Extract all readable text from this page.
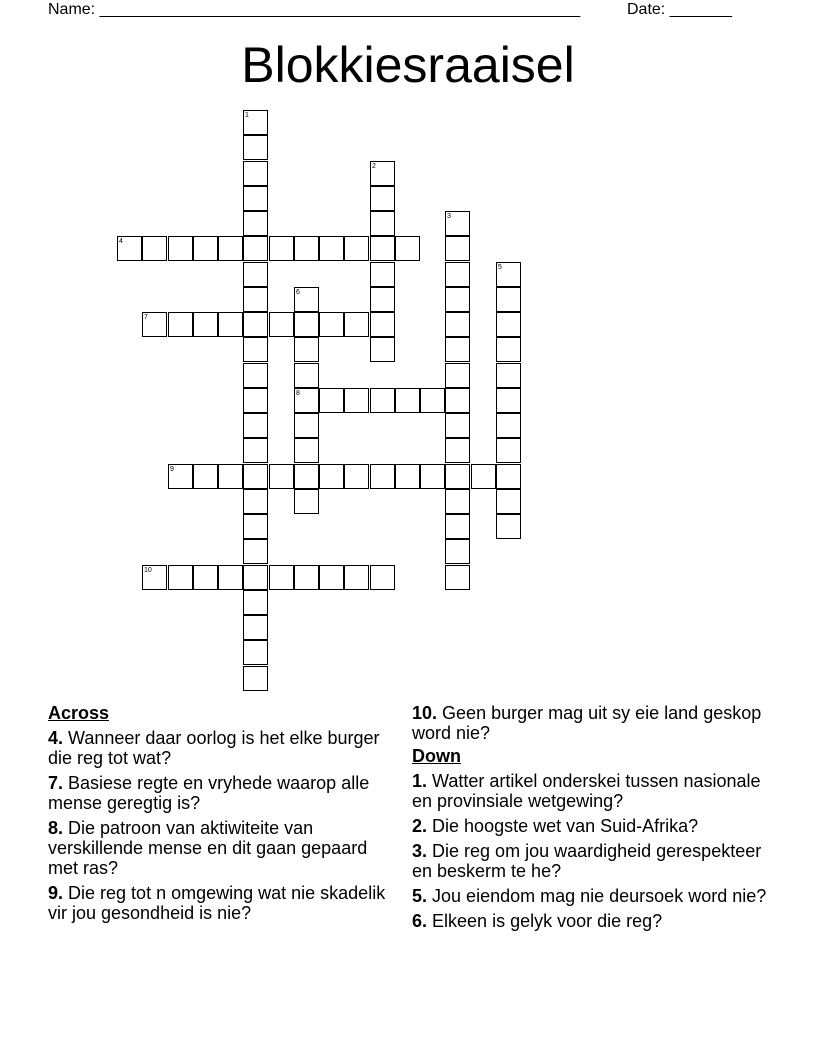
Name: ______________________________________________________	Date: _______
Blokkiesraaisel
1
2
3
4
5
6
8
7
9
10
Across
4. Wanneer daar oorlog is het elke burger die reg tot wat?
7. Basiese regte en vryhede waarop alle mense geregtig is?
8. Die patroon van aktiwiteite van verskillende mense en dit gaan gepaard met ras?
9. Die reg tot n omgewing wat nie skadelik vir jou gesondheid is nie?
10. Geen burger mag uit sy eie land geskop word nie?
Down
1. Watter artikel onderskei tussen nasionale en provinsiale wetgewing?
2. Die hoogste wet van Suid-Afrika?
3. Die reg om jou waardigheid gerespekteer en beskerm te he?
5. Jou eiendom mag nie deursoek word nie?
6. Elkeen is gelyk voor die reg?
